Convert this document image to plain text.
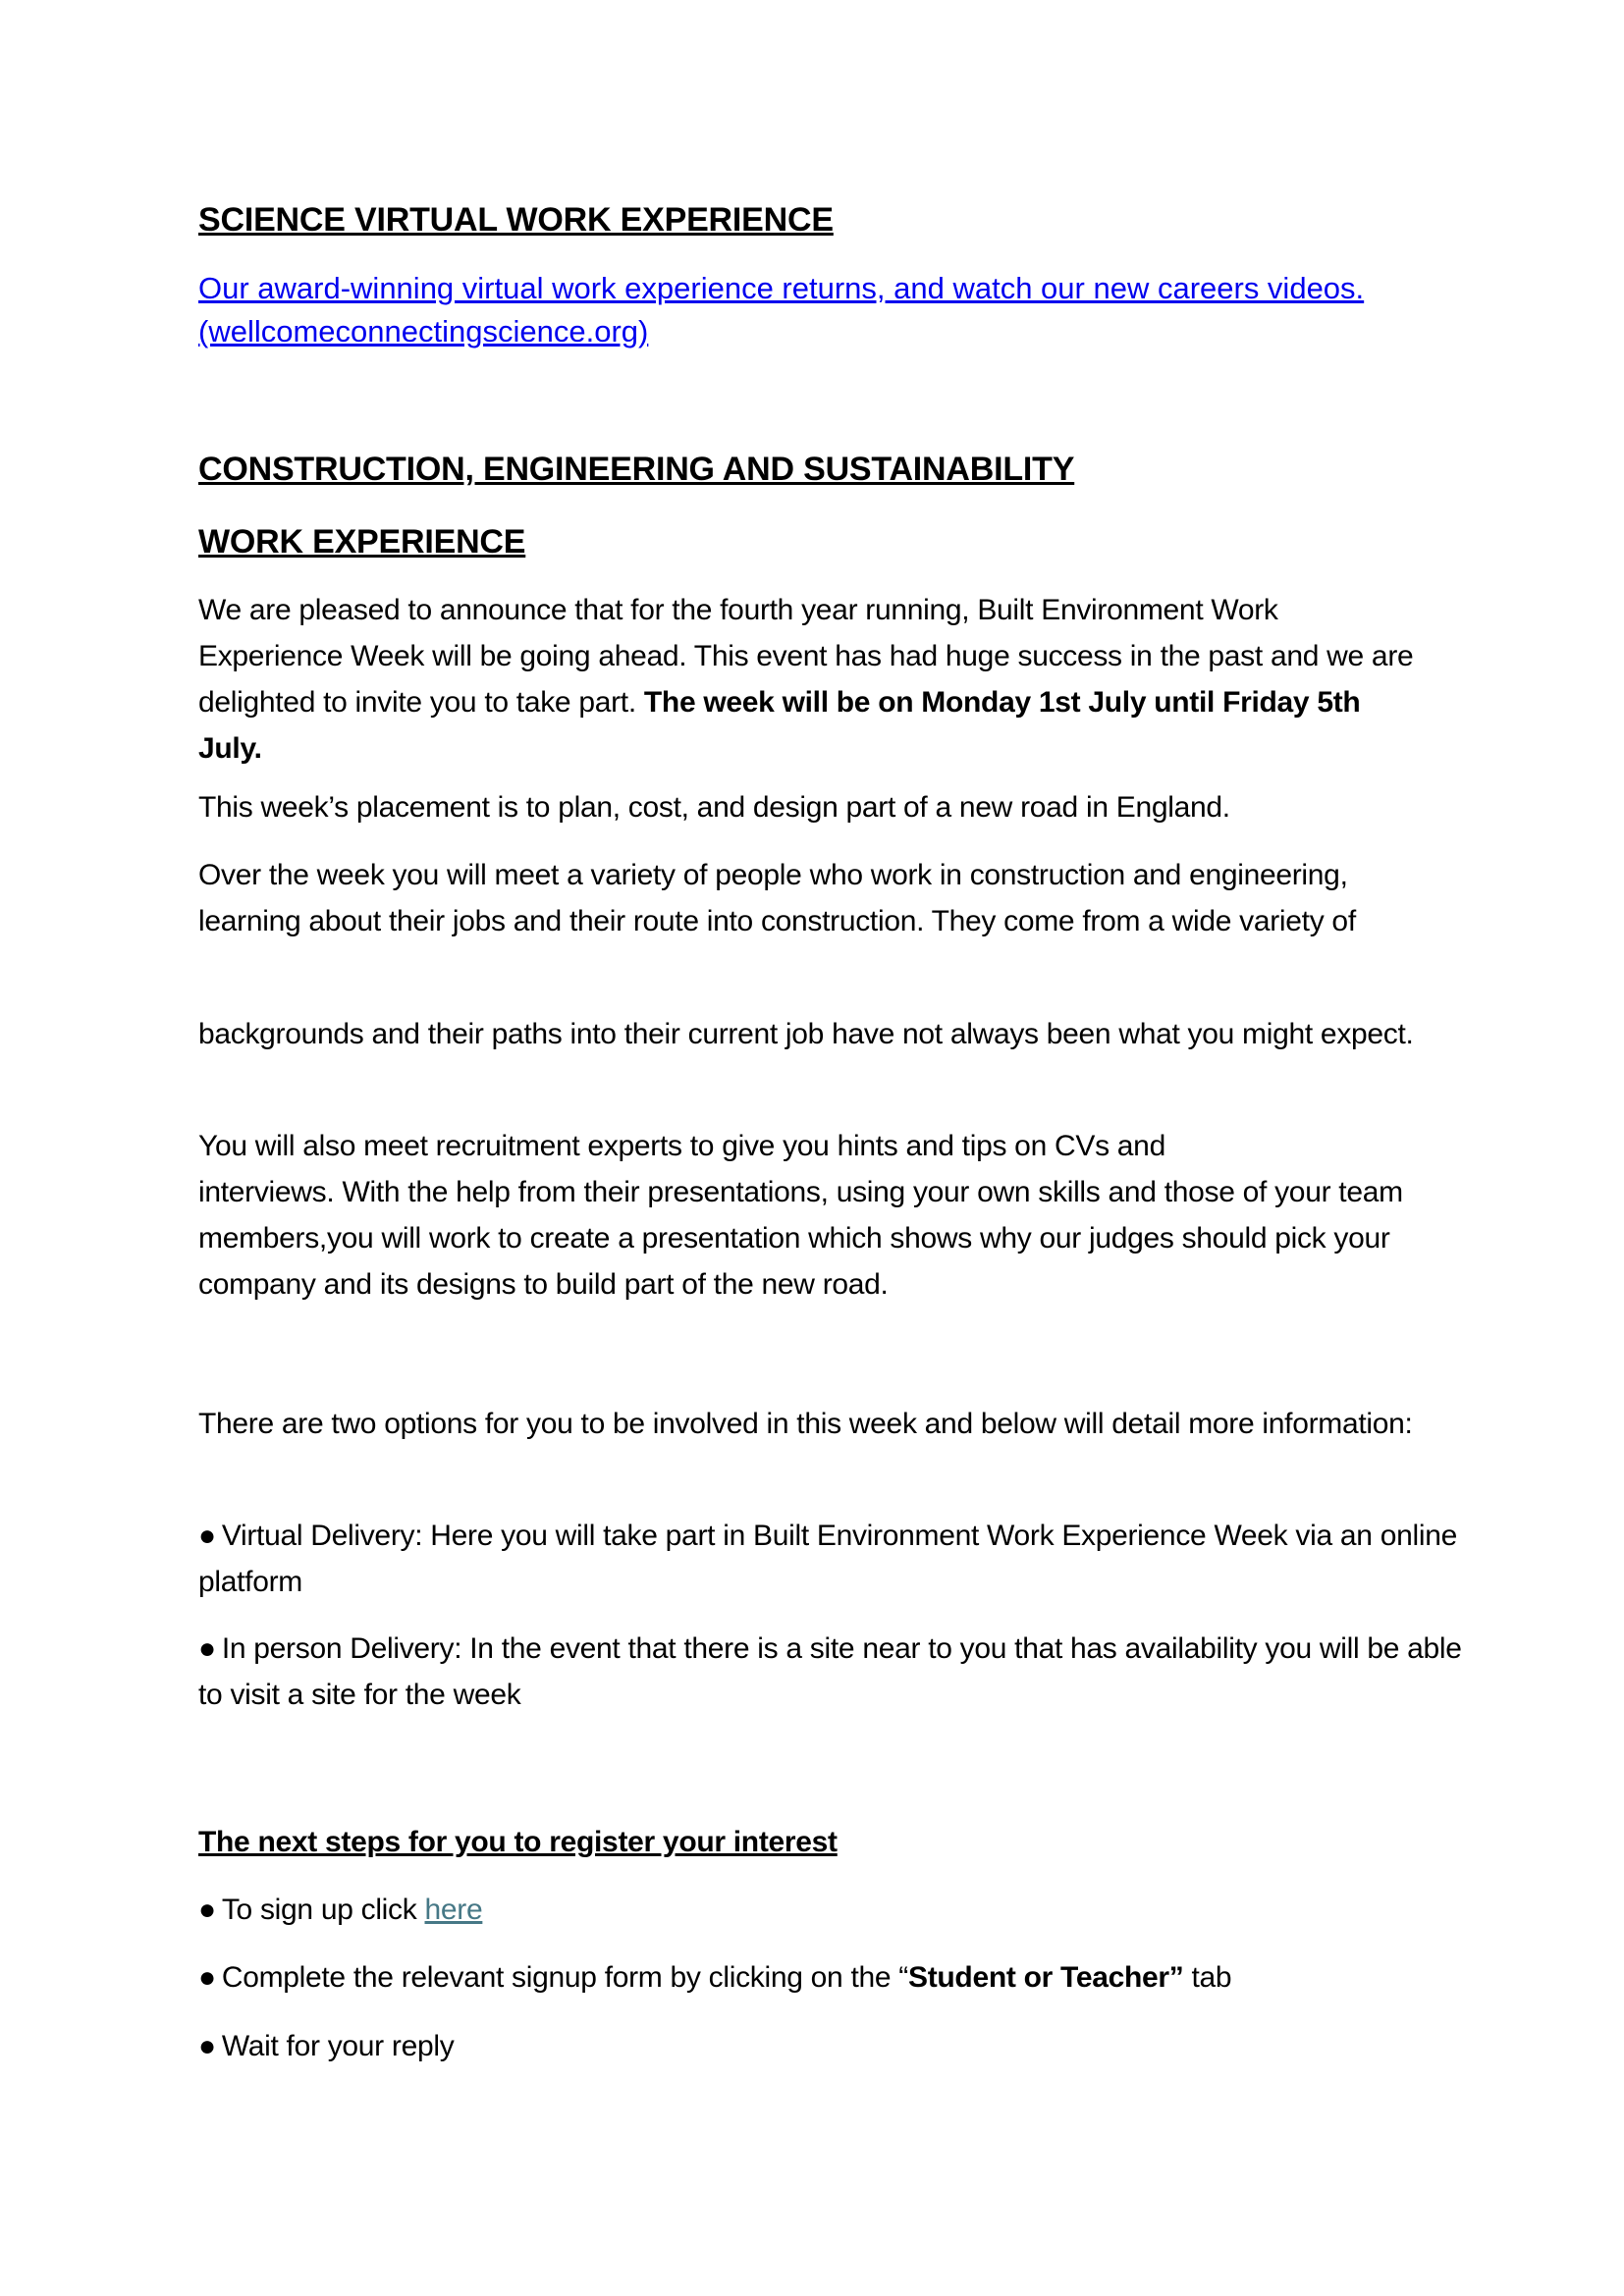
SCIENCE VIRTUAL WORK EXPERIENCE
Our award-winning virtual work experience returns, and watch our new careers videos.
(wellcomeconnectingscience.org)
CONSTRUCTION, ENGINEERING AND SUSTAINABILITY
WORK EXPERIENCE

We are pleased to announce that for the fourth year running, Built Environment Work Experience Week will be going ahead. This event has had huge success in the past and we are delighted to invite you to take part. The week will be on Monday 1st July until Friday 5th July.

This week’s placement is to plan, cost, and design part of a new road in England.

Over the week you will meet a variety of people who work in construction and engineering, learning about their jobs and their route into construction. They come from a wide variety of

backgrounds and their paths into their current job have not always been what you might expect.

You will also meet recruitment experts to give you hints and tips on CVs and
interviews. With the help from their presentations, using your own skills and those of your team members,you will work to create a presentation which shows why our judges should pick your company and its designs to build part of the new road.

There are two options for you to be involved in this week and below will detail more information:

● Virtual Delivery: Here you will take part in Built Environment Work Experience Week via an online platform

● In person Delivery: In the event that there is a site near to you that has availability you will be able to visit a site for the week

The next steps for you to register your interest

● To sign up click here

● Complete the relevant signup form by clicking on the “Student or Teacher” tab

● Wait for your reply
